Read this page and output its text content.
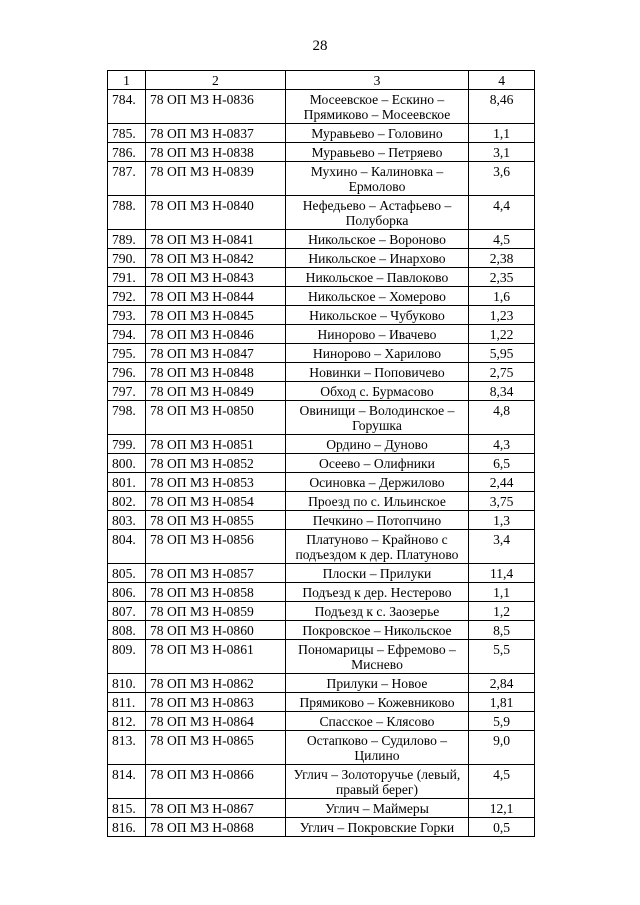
28
1	2	3	4
784.	78 ОП МЗ Н-0836	Мосеевское – Ескино – Прямиково – Мосеевское	8,46
785.	78 ОП МЗ Н-0837	Муравьево – Головино	1,1
786.	78 ОП МЗ Н-0838	Муравьево – Петряево	3,1
787.	78 ОП МЗ Н-0839	Мухино – Калиновка – Ермолово	3,6
788.	78 ОП МЗ Н-0840	Нефедьево – Астафьево – Полуборка	4,4
789.	78 ОП МЗ Н-0841	Никольское – Вороново	4,5
790.	78 ОП МЗ Н-0842	Никольское – Инархово	2,38
791.	78 ОП МЗ Н-0843	Никольское – Павлоково	2,35
792.	78 ОП МЗ Н-0844	Никольское – Хомерово	1,6
793.	78 ОП МЗ Н-0845	Никольское – Чубуково	1,23
794.	78 ОП МЗ Н-0846	Нинорово – Ивачево	1,22
795.	78 ОП МЗ Н-0847	Нинорово – Харилово	5,95
796.	78 ОП МЗ Н-0848	Новинки – Поповичево	2,75
797.	78 ОП МЗ Н-0849	Обход с. Бурмасово	8,34
798.	78 ОП МЗ Н-0850	Овинищи – Володинское – Горушка	4,8
799.	78 ОП МЗ Н-0851	Ордино – Дуново	4,3
800.	78 ОП МЗ Н-0852	Осеево – Олифники	6,5
801.	78 ОП МЗ Н-0853	Осиновка – Держилово	2,44
802.	78 ОП МЗ Н-0854	Проезд по с. Ильинское	3,75
803.	78 ОП МЗ Н-0855	Печкино – Потопчино	1,3
804.	78 ОП МЗ Н-0856	Платуново – Крайново с подъездом к дер. Платуново	3,4
805.	78 ОП МЗ Н-0857	Плоски – Прилуки	11,4
806.	78 ОП МЗ Н-0858	Подъезд к дер. Нестерово	1,1
807.	78 ОП МЗ Н-0859	Подъезд к с. Заозерье	1,2
808.	78 ОП МЗ Н-0860	Покровское – Никольское	8,5
809.	78 ОП МЗ Н-0861	Пономарицы – Ефремово – Миснево	5,5
810.	78 ОП МЗ Н-0862	Прилуки – Новое	2,84
811.	78 ОП МЗ Н-0863	Прямиково – Кожевниково	1,81
812.	78 ОП МЗ Н-0864	Спасское – Клясово	5,9
813.	78 ОП МЗ Н-0865	Остапково – Судилово – Цилино	9,0
814.	78 ОП МЗ Н-0866	Углич – Золоторучье (левый, правый берег)	4,5
815.	78 ОП МЗ Н-0867	Углич – Маймеры	12,1
816.	78 ОП МЗ Н-0868	Углич – Покровские Горки	0,5
